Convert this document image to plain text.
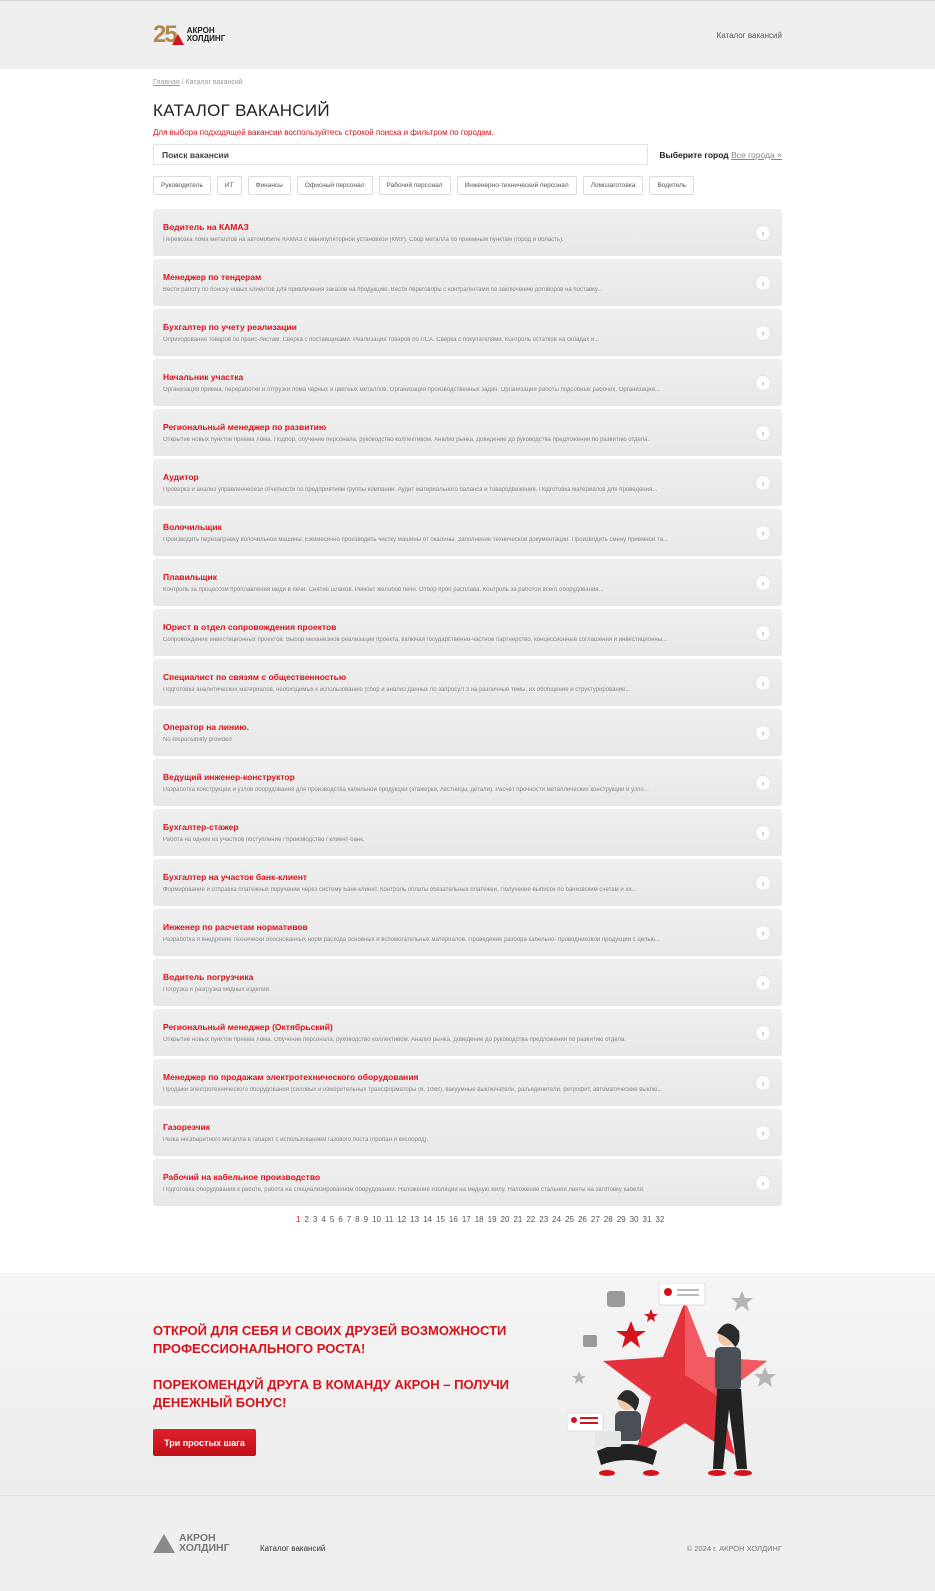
25 АКРОН
ХОЛДИНГ	Каталог вакансий
Главная / Каталог вакансий
КАТАЛОГ ВАКАНСИЙ
Для выбора подходящей вакансии воспользуйтесь строкой поиска и фильтром по городам.
Поиск вакансии
Выберите город Все города ×
Руководитель	ИТ	Финансы	Офисный персонал	Рабочий персонал	Инженерно-технический персонал	Ломозаготовка	Водитель
Водитель на КАМАЗ
Перевозка лома металлов на автомобиле КАМАЗ с манипуляторной установкой (КМУ). Сбор металла по приемным пунктам (город и область).
›
Менеджер по тендерам
Вести работу по поиску новых клиентов для привлечения заказов на продукцию. Вести переговоры с контрагентами по заключению договоров на поставку...
›
Бухгалтер по учету реализации
Оприходование товаров по прайс-листам. Сверка с поставщиками. Реализация товаров по ПСА. Сверка с покупателями. Контроль остатков на складах и...
›
Начальник участка
Организация приема, переработки и отгрузки лома черных и цветных металлов. Организация производственных задач. Организация работы подсобных рабочих. Организация...
›
Региональный менеджер по развитию
Открытие новых пунктов приема лома. Подбор, обучение персонала, руководство коллективом. Анализ рынка, доведение до руководства предложений по развитию отдела.
›
Аудитор
Проверка и анализ управленческой отчетности по предприятиям группы компаний. Аудит материального баланса и товародвижения. Подготовка материалов для проведения...
›
Волочильщик
Производить перезаправку волочильной машины. Ежемесячно производить чистку машины от окалины. Заполнение технической документации. Производить смену приемной та...
›
Плавильщик
Контроль за процессом проплавления меди в печи. Снятие шлаков. Ремонт желобов печи. Отбор проб расплава. Контроль за работой всего оборудования...
›
Юрист в отдел сопровождения проектов
Сопровождение инвестиционных проектов: Выбор механизмов реализации проекта, включая государственно-частное партнерство, концессионные соглашения и инвестиционны...
›
Специалист по связям с общественностью
Подготовка аналитических материалов, необходимых к использованию (сбор и анализ данных по запросу/ТЗ на различные темы, их обобщение и структурирование...
›
Оператор на линию.
No responsibility provided
›
Ведущий инженер-конструктор
Разработка конструкций и узлов оборудования для производства кабельной продукции (этажерки, лестницы, детали). Расчёт прочности металлических конструкций и узло...
›
Бухгалтер-стажер
Работа на одном из участков поступление / производство / клиент-банк.
›
Бухгалтер на участок банк-клиент
Формирование и отправка платежных поручений через систему Банк-клиент. Контроль оплаты обязательных платежей. Получение выписок по банковским счетам и их...
›
Инженер по расчетам нормативов
Разработка и внедрение технически обоснованных норм расхода основных и вспомогательных материалов. Проведение разбора кабельно- проводниковой продукции с целью...
›
Водитель погрузчика
Погрузка и разгрузка медных изделий.
›
Региональный менеджер (Октябрьский)
Открытие новых пунктов приема лома. Обучение персонала, руководство коллективом. Анализ рынка, доведение до руководства предложений по развитию отдела.
›
Менеджер по продажам электротехнического оборудования
Продажи электротехнического оборудования (силовых и измерительных трансформаторы (6, 10кВ), вакуумные выключатели, разъединители, ретрофит, автоматические выклю...
›
Газорезчик
Резка негабаритного металла в габарит с использованием газового поста (пропан и кислород).
›
Рабочий на кабельное производство
Подготовка оборудования к работе, работа на специализированном оборудовании. Наложение изоляции на медную жилу. Наложение стальной ленты на заготовку кабеля.
›
1 2 3 4 5 6 7 8 9 10 11 12 13 14 15 16 17 18 19 20 21 22 23 24 25 26 27 28 29 30 31 32
ОТКРОЙ ДЛЯ СЕБЯ И СВОИХ ДРУЗЕЙ ВОЗМОЖНОСТИ ПРОФЕССИОНАЛЬНОГО РОСТА!
ПОРЕКОМЕНДУЙ ДРУГА В КОМАНДУ АКРОН – ПОЛУЧИ ДЕНЕЖНЫЙ БОНУС!
Три простых шага
АКРОН
ХОЛДИНГ	Каталог вакансий	© 2024 г. АКРОН ХОЛДИНГ
